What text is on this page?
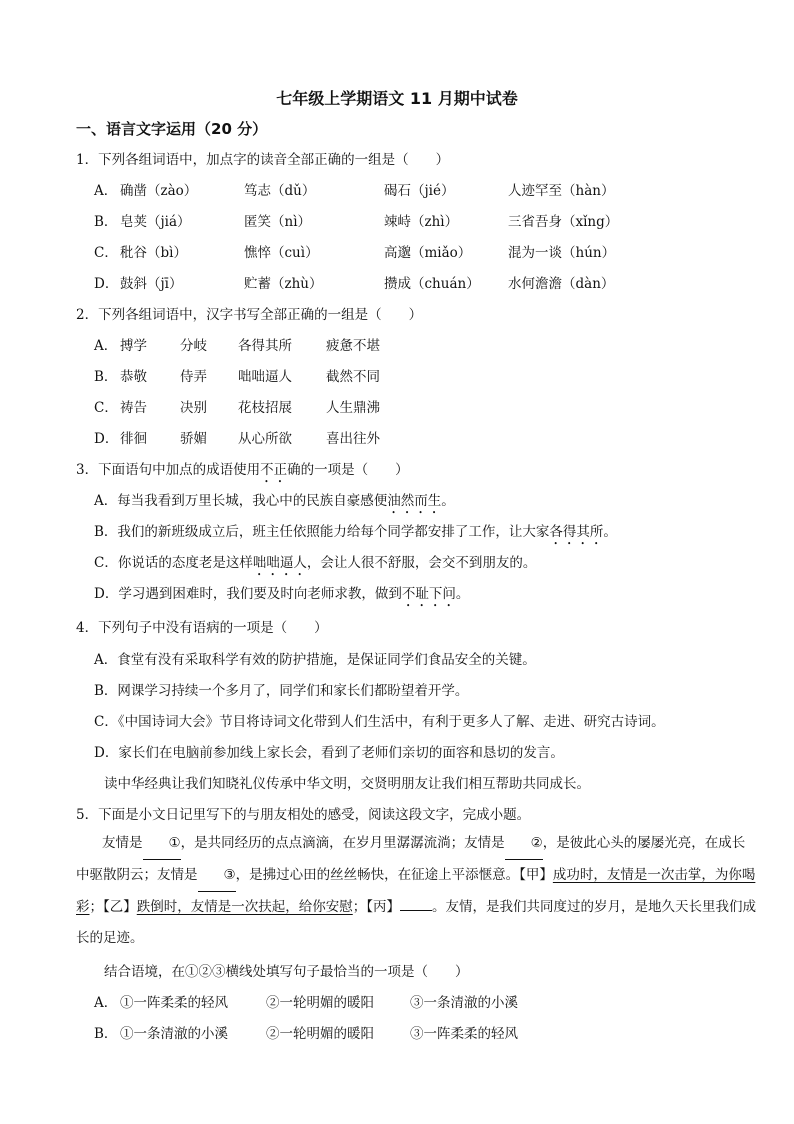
七年级上学期语文 11 月期中试卷
一、语言文字运用（20 分）
1．下列各组词语中，加点字的读音全部正确的一组是（　　）
A． 确凿（zào）	笃志（dǔ）	碣石（jié）	人迹罕至（hàn）
B． 皂荚（jiá）	匿笑（nì）	竦峙（zhì）	三省吾身（xǐng）
C． 秕谷（bì）	憔悴（cuì）	高邈（miǎo）	混为一谈（hún）
D． 鼓斜（jī）	贮蓄（zhù）	攒成（chuán） 水何澹澹（dàn）
2．下列各组词语中，汉字书写全部正确的一组是（　　）
A． 搏学 分岐 各得其所	疲惫不堪
B． 恭敬 侍弄 咄咄逼人	截然不同
C． 祷告 决别 花枝招展	人生鼎沸
D． 徘徊 骄媚 从心所欲	喜出往外
3．下面语句中加点的成语使用不正确的一项是（　　）
A．每当我看到万里长城，我心中的民族自豪感便油然而生。
B．我们的新班级成立后，班主任依照能力给每个同学都安排了工作，让大家各得其所。
C．你说话的态度老是这样咄咄逼人，会让人很不舒服，会交不到朋友的。
D．学习遇到困难时，我们要及时向老师求教，做到不耻下问。
4．下列句子中没有语病的一项是（　　）
A．食堂有没有采取科学有效的防护措施，是保证同学们食品安全的关键。
B．网课学习持续一个多月了，同学们和家长们都盼望着开学。
C．《中国诗词大会》节目将诗词文化带到人们生活中，有利于更多人了解、走进、研究古诗词。
D．家长们在电脑前参加线上家长会，看到了老师们亲切的面容和恳切的发言。
读中华经典让我们知晓礼仪传承中华文明，交贤明朋友让我们相互帮助共同成长。
5．下面是小文日记里写下的与朋友相处的感受，阅读这段文字，完成小题。
友情是 ①，是共同经历的点点滴滴，在岁月里潺潺流淌；友情是 ②，是彼此心头的屡屡光亮，在成长中驱散阴云；友情是 ③，是拂过心田的丝丝畅快，在征途上平添惬意。【甲】成功时，友情是一次击掌，为你喝彩；【乙】跌倒时，友情是一次扶起，给你安慰；【丙】 。友情，是我们共同度过的岁月，是地久天长里我们成长的足迹。
结合语境，在①②③横线处填写句子最恰当的一项是（　　）
A． ①一阵柔柔的轻风	②一轮明媚的暖阳	③一条清澈的小溪
B． ①一条清澈的小溪	②一轮明媚的暖阳	③一阵柔柔的轻风
